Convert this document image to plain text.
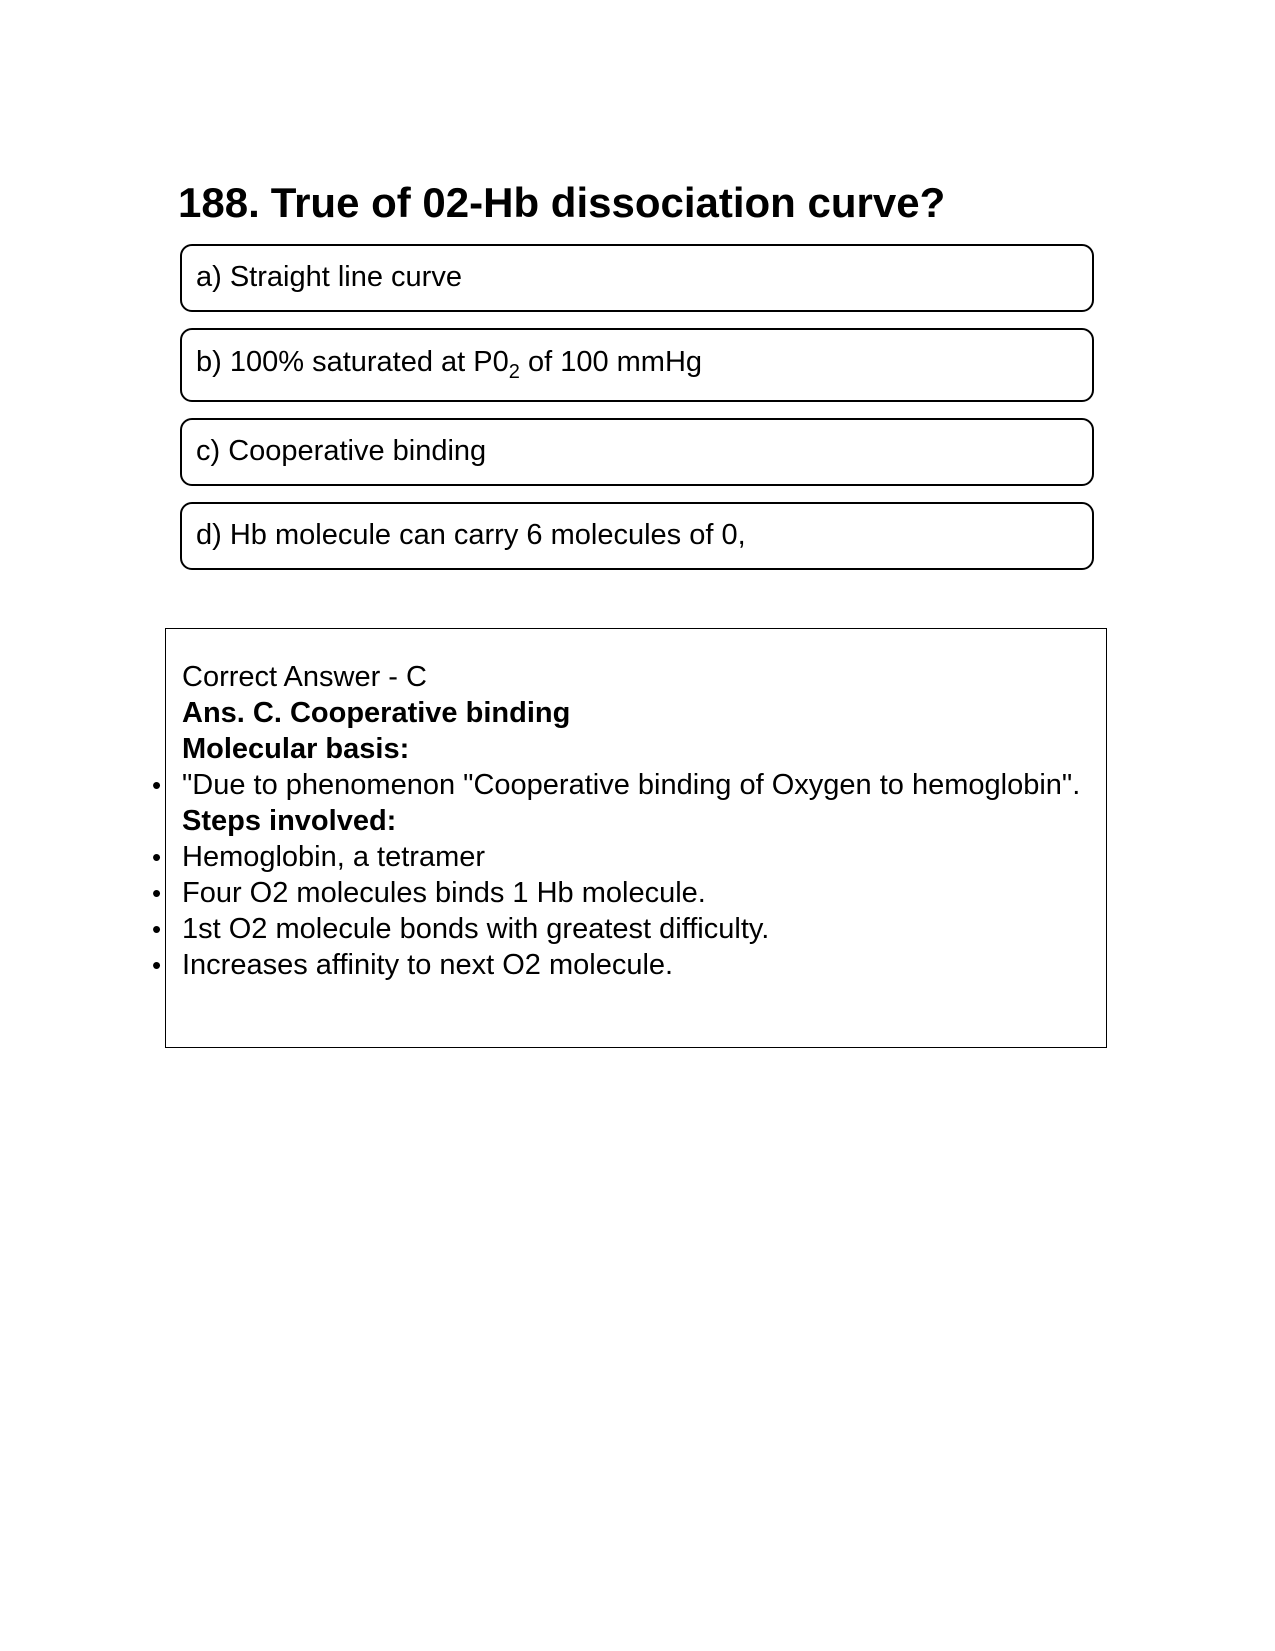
188. True of 02-Hb dissociation curve?
a) Straight line curve
b) 100% saturated at $P0_2$ of 100 mmHg
c) Cooperative binding
d) Hb molecule can carry 6 molecules of 0,
Correct Answer - C
Ans. C. Cooperative binding
Molecular basis:
• "Due to phenomenon "Cooperative binding of Oxygen to hemoglobin".
Steps involved:
• Hemoglobin, a tetramer
• Four O2 molecules binds 1 Hb molecule.
• 1st O2 molecule bonds with greatest difficulty.
• Increases affinity to next O2 molecule.
